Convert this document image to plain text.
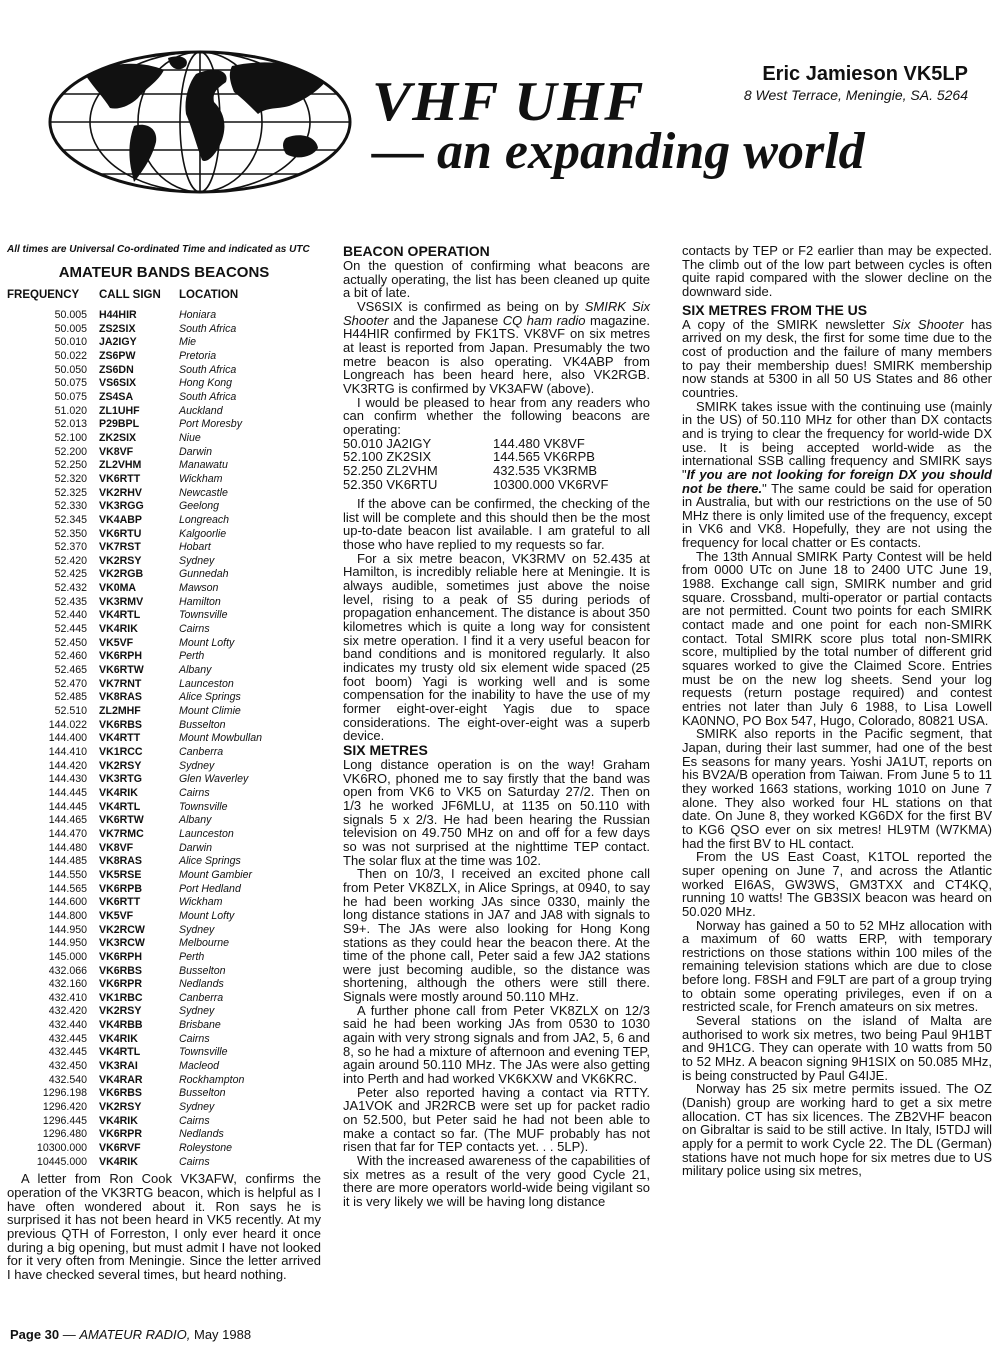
VHF UHF
— an expanding world
Eric Jamieson VK5LP
8 West Terrace, Meningie, SA. 5264
All times are Universal Co-ordinated Time and indicated as UTC
AMATEUR BANDS BEACONS
FREQUENCY	CALL SIGN	LOCATION
50.005	H44HIR	Honiara
50.005	ZS2SIX	South Africa
50.010	JA2IGY	Mie
50.022	ZS6PW	Pretoria
50.050	ZS6DN	South Africa
50.075	VS6SIX	Hong Kong
50.075	ZS4SA	South Africa
51.020	ZL1UHF	Auckland
52.013	P29BPL	Port Moresby
52.100	ZK2SIX	Niue
52.200	VK8VF	Darwin
52.250	ZL2VHM	Manawatu
52.320	VK6RTT	Wickham
52.325	VK2RHV	Newcastle
52.330	VK3RGG	Geelong
52.345	VK4ABP	Longreach
52.350	VK6RTU	Kalgoorlie
52.370	VK7RST	Hobart
52.420	VK2RSY	Sydney
52.425	VK2RGB	Gunnedah
52.432	VK0MA	Mawson
52.435	VK3RMV	Hamilton
52.440	VK4RTL	Townsville
52.445	VK4RIK	Cairns
52.450	VK5VF	Mount Lofty
52.460	VK6RPH	Perth
52.465	VK6RTW	Albany
52.470	VK7RNT	Launceston
52.485	VK8RAS	Alice Springs
52.510	ZL2MHF	Mount Climie
144.022	VK6RBS	Busselton
144.400	VK4RTT	Mount Mowbullan
144.410	VK1RCC	Canberra
144.420	VK2RSY	Sydney
144.430	VK3RTG	Glen Waverley
144.445	VK4RIK	Cairns
144.445	VK4RTL	Townsville
144.465	VK6RTW	Albany
144.470	VK7RMC	Launceston
144.480	VK8VF	Darwin
144.485	VK8RAS	Alice Springs
144.550	VK5RSE	Mount Gambier
144.565	VK6RPB	Port Hedland
144.600	VK6RTT	Wickham
144.800	VK5VF	Mount Lofty
144.950	VK2RCW	Sydney
144.950	VK3RCW	Melbourne
145.000	VK6RPH	Perth
432.066	VK6RBS	Busselton
432.160	VK6RPR	Nedlands
432.410	VK1RBC	Canberra
432.420	VK2RSY	Sydney
432.440	VK4RBB	Brisbane
432.445	VK4RIK	Cairns
432.445	VK4RTL	Townsville
432.450	VK3RAI	Macleod
432.540	VK4RAR	Rockhampton
1296.198	VK6RBS	Busselton
1296.420	VK2RSY	Sydney
1296.445	VK4RIK	Cairns
1296.480	VK6RPR	Nedlands
10300.000	VK6RVF	Roleystone
10445.000	VK4RIK	Cairns

A letter from Ron Cook VK3AFW, confirms the operation of the VK3RTG beacon, which is helpful as I have often wondered about it. Ron says he is surprised it has not been heard in VK5 recently. At my previous QTH of Forreston, I only ever heard it once during a big opening, but must admit I have not looked for it very often from Meningie. Since the letter arrived I have checked several times, but heard nothing.

BEACON OPERATION

On the question of confirming what beacons are actually operating, the list has been cleaned up quite a bit of late.

VS6SIX is confirmed as being on by SMIRK Six Shooter and the Japanese CQ ham radio magazine. H44HIR confirmed by FK1TS. VK8VF on six metres at least is reported from Japan. Presumably the two metre beacon is also operating. VK4ABP from Longreach has been heard here, also VK2RGB. VK3RTG is confirmed by VK3AFW (above).

I would be pleased to hear from any readers who can confirm whether the following beacons are operating:

50.010 JA2IGY	144.480 VK8VF
52.100 ZK2SIX	144.565 VK6RPB
52.250 ZL2VHM	432.535 VK3RMB
52.350 VK6RTU	10300.000 VK6RVF

If the above can be confirmed, the checking of the list will be complete and this should then be the most up-to-date beacon list available. I am grateful to all those who have replied to my requests so far.

For a six metre beacon, VK3RMV on 52.435 at Hamilton, is incredibly reliable here at Meningie. It is always audible, sometimes just above the noise level, rising to a peak of S5 during periods of propagation enhancement. The distance is about 350 kilometres which is quite a long way for consistent six metre operation. I find it a very useful beacon for band conditions and is monitored regularly. It also indicates my trusty old six element wide spaced (25 foot boom) Yagi is working well and is some compensation for the inability to have the use of my former eight-over-eight Yagis due to space considerations. The eight-over-eight was a superb device.

SIX METRES

Long distance operation is on the way! Graham VK6RO, phoned me to say firstly that the band was open from VK6 to VK5 on Saturday 27/2. Then on 1/3 he worked JF6MLU, at 1135 on 50.110 with signals 5 x 2/3. He had been hearing the Russian television on 49.750 MHz on and off for a few days so was not surprised at the nighttime TEP contact. The solar flux at the time was 102.

Then on 10/3, I received an excited phone call from Peter VK8ZLX, in Alice Springs, at 0940, to say he had been working JAs since 0330, mainly the long distance stations in JA7 and JA8 with signals to S9+. The JAs were also looking for Hong Kong stations as they could hear the beacon there. At the time of the phone call, Peter said a few JA2 stations were just becoming audible, so the distance was shortening, although the others were still there. Signals were mostly around 50.110 MHz.

A further phone call from Peter VK8ZLX on 12/3 said he had been working JAs from 0530 to 1030 again with very strong signals and from JA2, 5, 6 and 8, so he had a mixture of afternoon and evening TEP, again around 50.110 MHz. The JAs were also getting into Perth and had worked VK6KXW and VK6KRC.

Peter also reported having a contact via RTTY. JA1VOK and JR2RCB were set up for packet radio on 52.500, but Peter said he had not been able to make a contact so far. (The MUF probably has not risen that far for TEP contacts yet. . . 5LP).

With the increased awareness of the capabilities of six metres as a result of the very good Cycle 21, there are more operators world-wide being vigilant so it is very likely we will be having long distance

contacts by TEP or F2 earlier than may be expected. The climb out of the low part between cycles is often quite rapid compared with the slower decline on the downward side.

SIX METRES FROM THE US

A copy of the SMIRK newsletter Six Shooter has arrived on my desk, the first for some time due to the cost of production and the failure of many members to pay their membership dues! SMIRK membership now stands at 5300 in all 50 US States and 86 other countries.

SMIRK takes issue with the continuing use (mainly in the US) of 50.110 MHz for other than DX contacts and is trying to clear the frequency for world-wide DX use. It is being accepted world-wide as the international SSB calling frequency and SMIRK says "If you are not looking for foreign DX you should not be there." The same could be said for operation in Australia, but with our restrictions on the use of 50 MHz there is only limited use of the frequency, except in VK6 and VK8. Hopefully, they are not using the frequency for local chatter or Es contacts.

The 13th Annual SMIRK Party Contest will be held from 0000 UTc on June 18 to 2400 UTC June 19, 1988. Exchange call sign, SMIRK number and grid square. Crossband, multi-operator or partial contacts are not permitted. Count two points for each SMIRK contact made and one point for each non-SMIRK contact. Total SMIRK score plus total non-SMIRK score, multiplied by the total number of different grid squares worked to give the Claimed Score. Entries must be on the new log sheets. Send your log requests (return postage required) and contest entries not later than July 6 1988, to Lisa Lowell KA0NNO, PO Box 547, Hugo, Colorado, 80821 USA.

SMIRK also reports in the Pacific segment, that Japan, during their last summer, had one of the best Es seasons for many years. Yoshi JA1UT, reports on his BV2A/B operation from Taiwan. From June 5 to 11 they worked 1663 stations, working 1010 on June 7 alone. They also worked four HL stations on that date. On June 8, they worked KG6DX for the first BV to KG6 QSO ever on six metres! HL9TM (W7KMA) had the first BV to HL contact.

From the US East Coast, K1TOL reported the super opening on June 7, and across the Atlantic worked EI6AS, GW3WS, GM3TXX and CT4KQ, running 10 watts! The GB3SIX beacon was heard on 50.020 MHz.

Norway has gained a 50 to 52 MHz allocation with a maximum of 60 watts ERP, with temporary restrictions on those stations within 100 miles of the remaining television stations which are due to close before long. F8SH and F9LT are part of a group trying to obtain some operating privileges, even if on a restricted scale, for French amateurs on six metres.

Several stations on the island of Malta are authorised to work six metres, two being Paul 9H1BT and 9H1CG. They can operate with 10 watts from 50 to 52 MHz. A beacon signing 9H1SIX on 50.085 MHz, is being constructed by Paul G4IJE.

Norway has 25 six metre permits issued. The OZ (Danish) group are working hard to get a six metre allocation. CT has six licences. The ZB2VHF beacon on Gibraltar is said to be still active. In Italy, I5TDJ will apply for a permit to work Cycle 22. The DL (German) stations have not much hope for six metres due to US military police using six metres,

Page 30 — AMATEUR RADIO, May 1988
